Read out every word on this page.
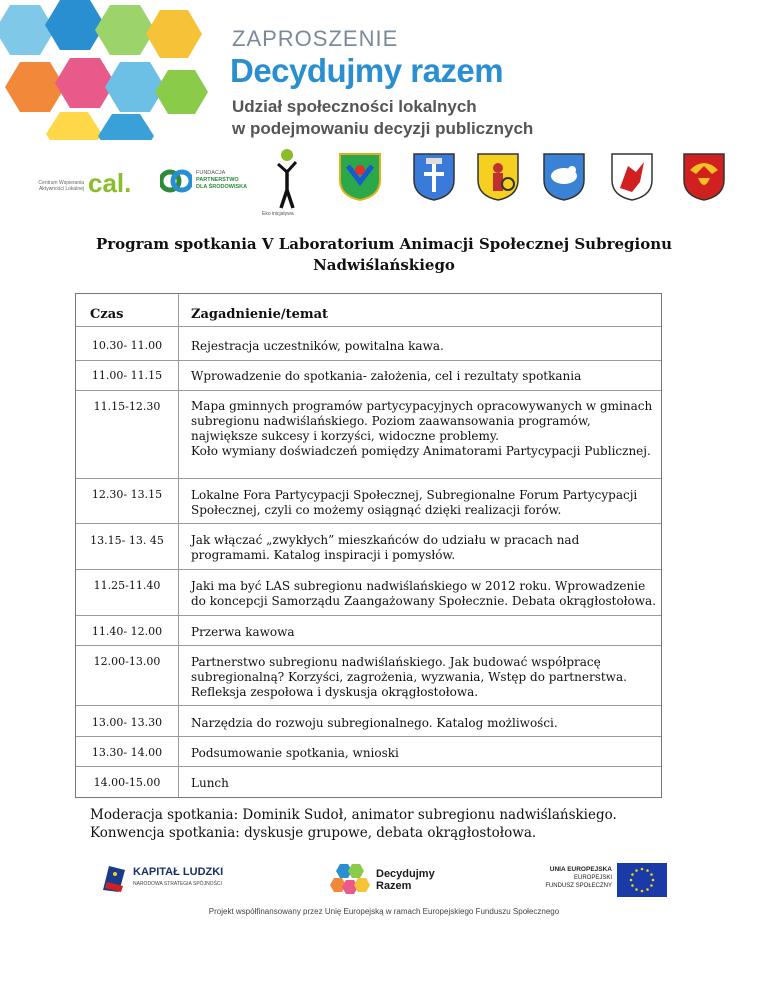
ZAPROSZENIE
Decydujmy razem
Udział społeczności lokalnych
w podejmowaniu decyzji publicznych
Centrum Wspierania Aktywności Lokalnej cal.	FUNDACJA
PARTNERSTWO
DLA ŚRODOWISKA
Eko inicjatywa
Program spotkania V Laboratorium Animacji Społecznej Subregionu Nadwiślańskiego
Czas	Zagadnienie/temat
10.30- 11.00	Rejestracja uczestników, powitalna kawa.
11.00- 11.15	Wprowadzenie do spotkania- założenia, cel i rezultaty spotkania
11.15-12.30	Mapa gminnych programów partycypacyjnych opracowywanych w gminach subregionu nadwiślańskiego. Poziom zaawansowania programów, największe sukcesy i korzyści, widoczne problemy.
Koło wymiany doświadczeń pomiędzy Animatorami Partycypacji Publicznej.
12.30- 13.15	Lokalne Fora Partycypacji Społecznej, Subregionalne Forum Partycypacji Społecznej, czyli co możemy osiągnąć dzięki realizacji forów.
13.15- 13. 45	Jak włączać „zwykłych” mieszkańców do udziału w pracach nad programami. Katalog inspiracji i pomysłów.
11.25-11.40	Jaki ma być LAS subregionu nadwiślańskiego w 2012 roku. Wprowadzenie do koncepcji Samorządu Zaangażowany Społecznie. Debata okrągłostołowa.
11.40- 12.00	Przerwa kawowa
12.00-13.00	Partnerstwo subregionu nadwiślańskiego. Jak budować współpracę subregionalną? Korzyści, zagrożenia, wyzwania, Wstęp do partnerstwa. Refleksja zespołowa i dyskusja okrągłostołowa.
13.00- 13.30	Narzędzia do rozwoju subregionalnego. Katalog możliwości.
13.30- 14.00	Podsumowanie spotkania, wnioski
14.00-15.00	Lunch
Moderacja spotkania: Dominik Sudoł, animator subregionu nadwiślańskiego.
Konwencja spotkania: dyskusje grupowe, debata okrągłostołowa.
KAPITAŁ LUDZKI
NARODOWA STRATEGIA SPÓJNOŚCI
Decydujmy
Razem
UNIA EUROPEJSKA
EUROPEJSKI
FUNDUSZ SPOŁECZNY
Projekt współfinansowany przez Unię Europejską w ramach Europejskiego Funduszu Społecznego
